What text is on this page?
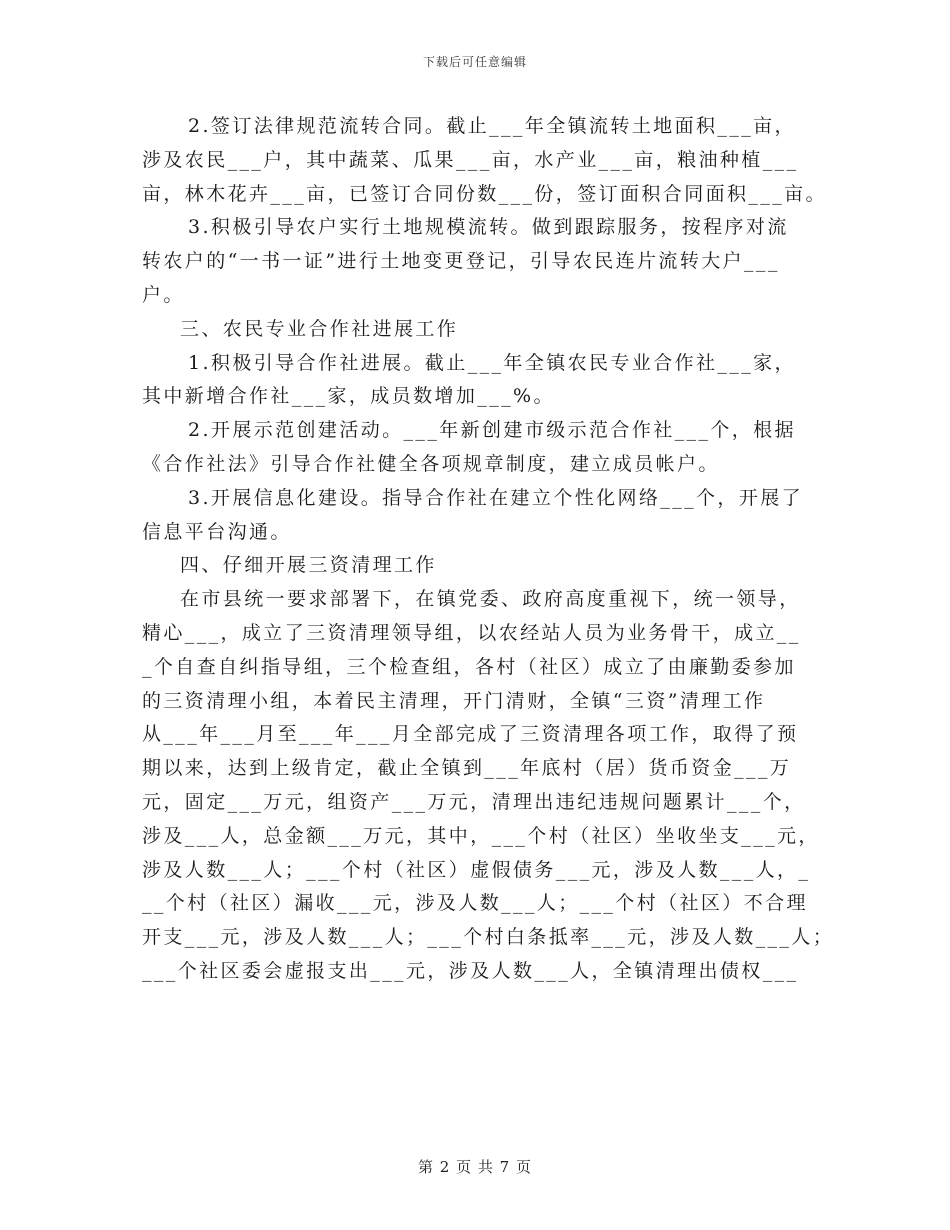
下载后可任意编辑
2.签订法律规范流转合同。截止___年全镇流转土地面积___亩，
涉及农民___户，其中蔬菜、瓜果___亩，水产业___亩，粮油种植___
亩，林木花卉___亩，已签订合同份数___份，签订面积合同面积___亩。
3.积极引导农户实行土地规模流转。做到跟踪服务，按程序对流
转农户的“一书一证”进行土地变更登记，引导农民连片流转大户___
户。
三、农民专业合作社进展工作
1.积极引导合作社进展。截止___年全镇农民专业合作社___家，
其中新增合作社___家，成员数增加___%。
2.开展示范创建活动。___年新创建市级示范合作社___个，根据
《合作社法》引导合作社健全各项规章制度，建立成员帐户。
3.开展信息化建设。指导合作社在建立个性化网络___个，开展了
信息平台沟通。
四、仔细开展三资清理工作
在市县统一要求部署下，在镇党委、政府高度重视下，统一领导，
精心___，成立了三资清理领导组，以农经站人员为业务骨干，成立__
_个自查自纠指导组，三个检查组，各村（社区）成立了由廉勤委参加
的三资清理小组，本着民主清理，开门清财，全镇“三资”清理工作
从___年___月至___年___月全部完成了三资清理各项工作，取得了预
期以来，达到上级肯定，截止全镇到___年底村（居）货币资金___万
元，固定___万元，组资产___万元，清理出违纪违规问题累计___个，
涉及___人，总金额___万元，其中，___个村（社区）坐收坐支___元，
涉及人数___人；___个村（社区）虚假债务___元，涉及人数___人，_
__个村（社区）漏收___元，涉及人数___人；___个村（社区）不合理
开支___元，涉及人数___人；___个村白条抵率___元，涉及人数___人；
___个社区委会虚报支出___元，涉及人数___人，全镇清理出债权___
第 2 页 共 7 页
